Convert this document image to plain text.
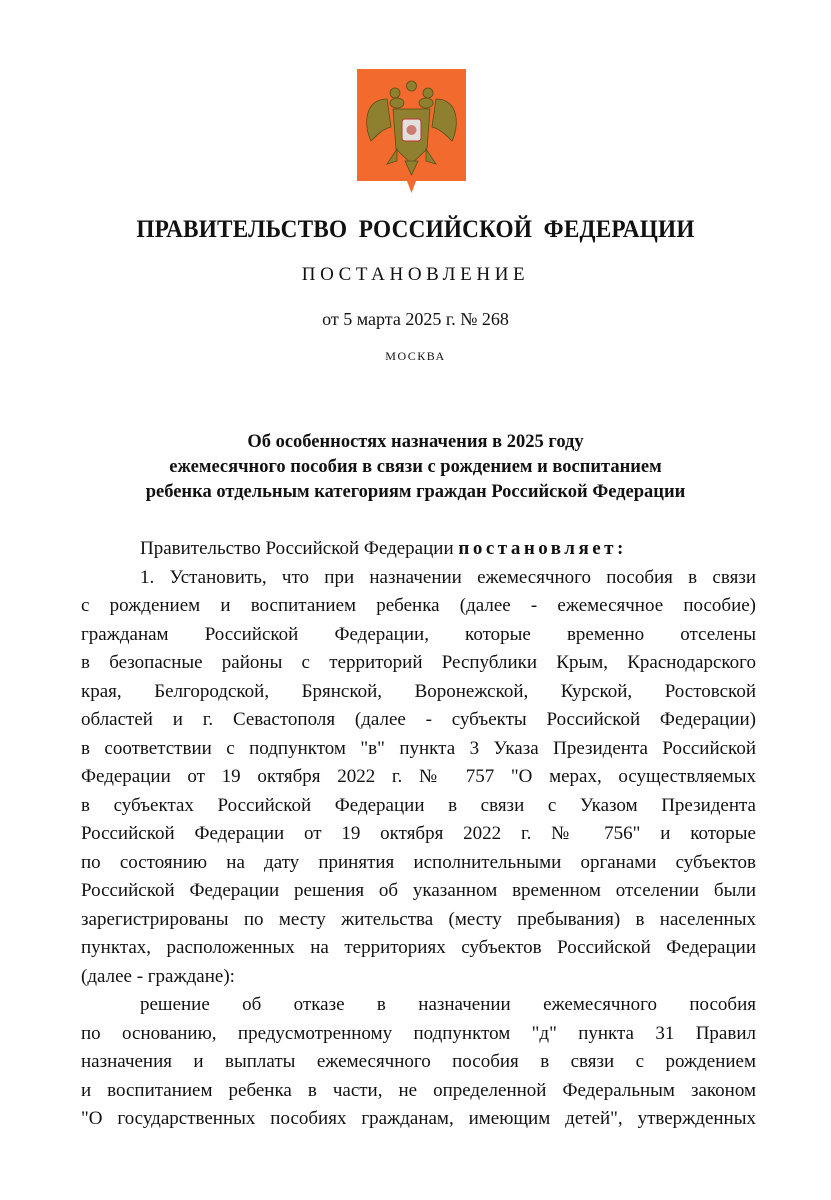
ПРАВИТЕЛЬСТВО РОССИЙСКОЙ ФЕДЕРАЦИИ
ПОСТАНОВЛЕНИЕ
от 5 марта 2025 г. № 268
МОСКВА
Об особенностях назначения в 2025 году
ежемесячного пособия в связи с рождением и воспитанием
ребенка отдельным категориям граждан Российской Федерации
Правительство Российской Федерации постановляет:
1. Установить, что при назначении ежемесячного пособия в связи
с рождением и воспитанием ребенка (далее - ежемесячное пособие)
гражданам Российской Федерации, которые временно отселены
в безопасные районы с территорий Республики Крым, Краснодарского
края, Белгородской, Брянской, Воронежской, Курской, Ростовской
областей и г. Севастополя (далее - субъекты Российской Федерации)
в соответствии с подпунктом "в" пункта 3 Указа Президента Российской
Федерации от 19 октября 2022 г. № 757 "О мерах, осуществляемых
в субъектах Российской Федерации в связи с Указом Президента
Российской Федерации от 19 октября 2022 г. № 756" и которые
по состоянию на дату принятия исполнительными органами субъектов
Российской Федерации решения об указанном временном отселении были
зарегистрированы по месту жительства (месту пребывания) в населенных
пунктах, расположенных на территориях субъектов Российской Федерации
(далее - граждане):
решение об отказе в назначении ежемесячного пособия
по основанию, предусмотренному подпунктом "д" пункта 31 Правил
назначения и выплаты ежемесячного пособия в связи с рождением
и воспитанием ребенка в части, не определенной Федеральным законом
"О государственных пособиях гражданам, имеющим детей", утвержденных
